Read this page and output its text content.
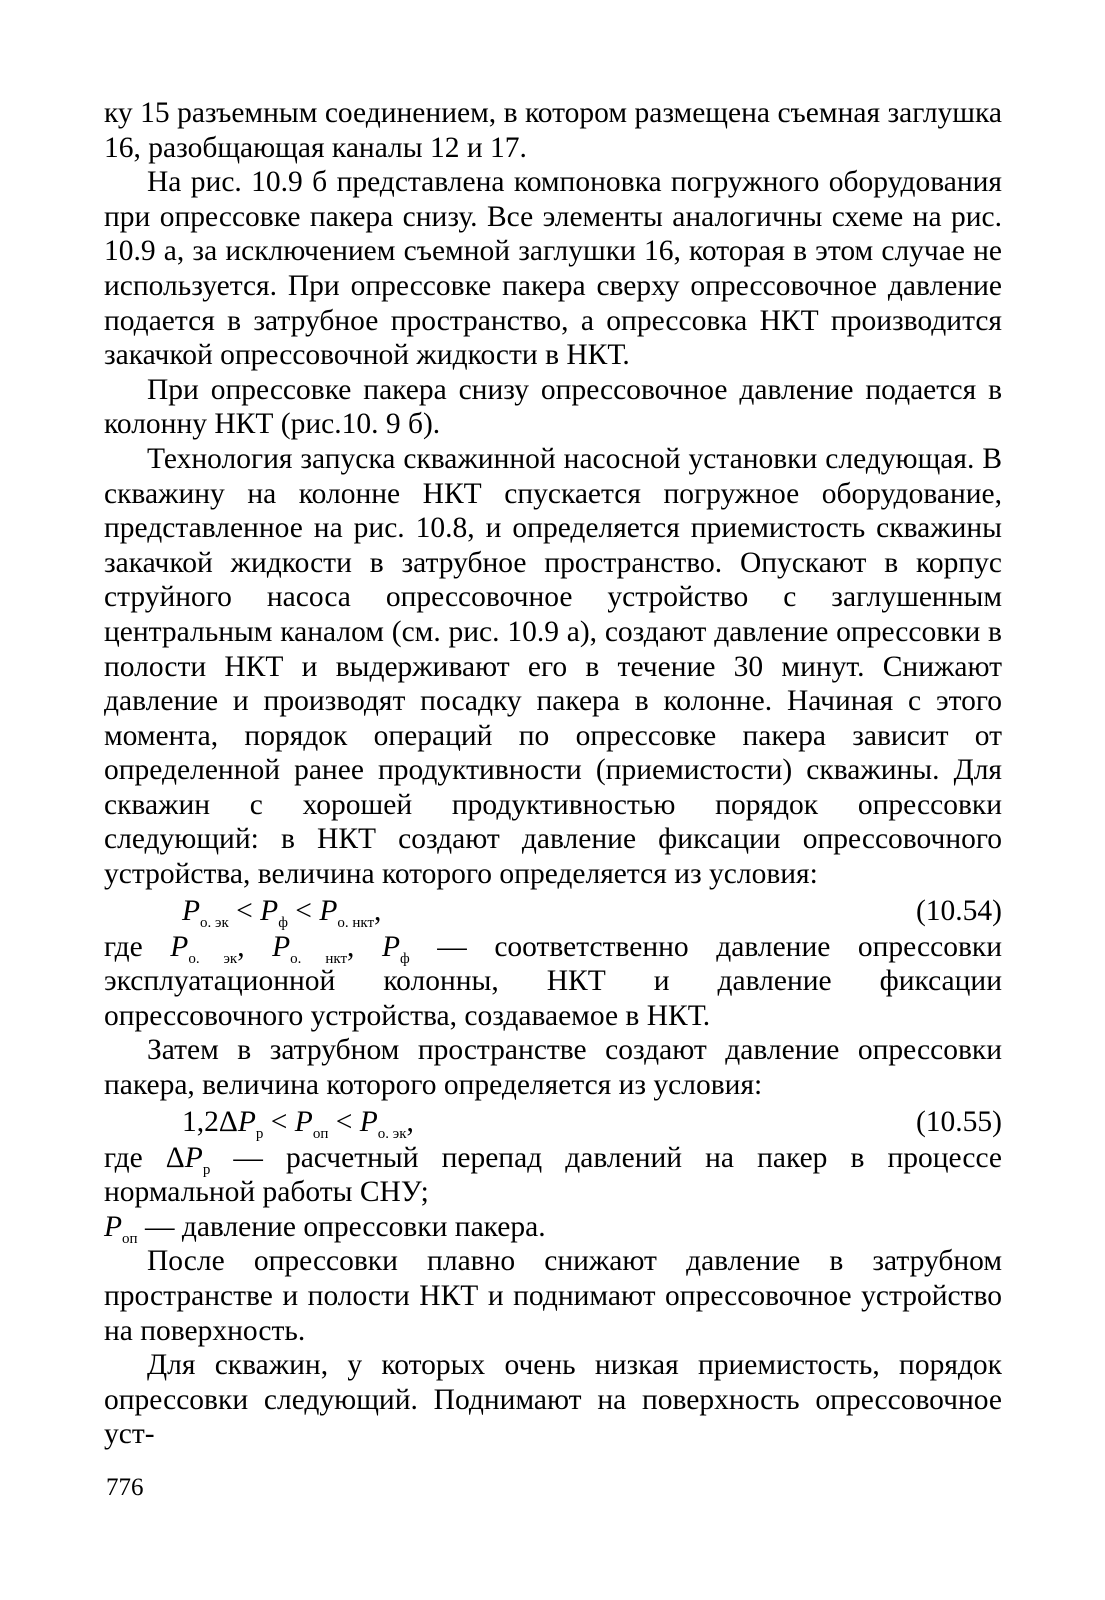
ку 15 разъемным соединением, в котором размещена съемная заглушка 16, разобщающая каналы 12 и 17.

На рис. 10.9 б представлена компоновка погружного оборудования при опрессовке пакера снизу. Все элементы аналогичны схеме на рис. 10.9 а, за исключением съемной заглушки 16, которая в этом случае не используется. При опрессовке пакера сверху опрессовочное давление подается в затрубное пространство, а опрессовка НКТ производится закачкой опрессовочной жидкости в НКТ.

При опрессовке пакера снизу опрессовочное давление подается в колонну НКТ (рис.10. 9 б).

Технология запуска скважинной насосной установки следующая. В скважину на колонне НКТ спускается погружное оборудование, представленное на рис. 10.8, и определяется приемистость скважины закачкой жидкости в затрубное пространство. Опускают в корпус струйного насоса опрессовочное устройство с заглушенным центральным каналом (см. рис. 10.9 а), создают давление опрессовки в полости НКТ и выдерживают его в течение 30 минут. Снижают давление и производят посадку пакера в колонне. Начиная с этого момента, порядок операций по опрессовке пакера зависит от определенной ранее продуктивности (приемистости) скважины. Для скважин с хорошей продуктивностью порядок опрессовки следующий: в НКТ создают давление фиксации опрессовочного устройства, величина которого определяется из условия:

$P_{о. эк} < P_ф < P_{о. нкт}$,	(10.54)

где $P_{о. эк}$, $P_{о. нкт}$, $P_ф$ — соответственно давление опрессовки эксплуатационной колонны, НКТ и давление фиксации опрессовочного устройства, создаваемое в НКТ.

Затем в затрубном пространстве создают давление опрессовки пакера, величина которого определяется из условия:

$1,2\Delta P_р < P_{оп} < P_{о. эк}$,	(10.55)

где $\Delta P_р$ — расчетный перепад давлений на пакер в процессе нормальной работы СНУ;

$P_{оп}$ — давление опрессовки пакера.

После опрессовки плавно снижают давление в затрубном пространстве и полости НКТ и поднимают опрессовочное устройство на поверхность.

Для скважин, у которых очень низкая приемистость, порядок опрессовки следующий. Поднимают на поверхность опрессовочное уст-

776
